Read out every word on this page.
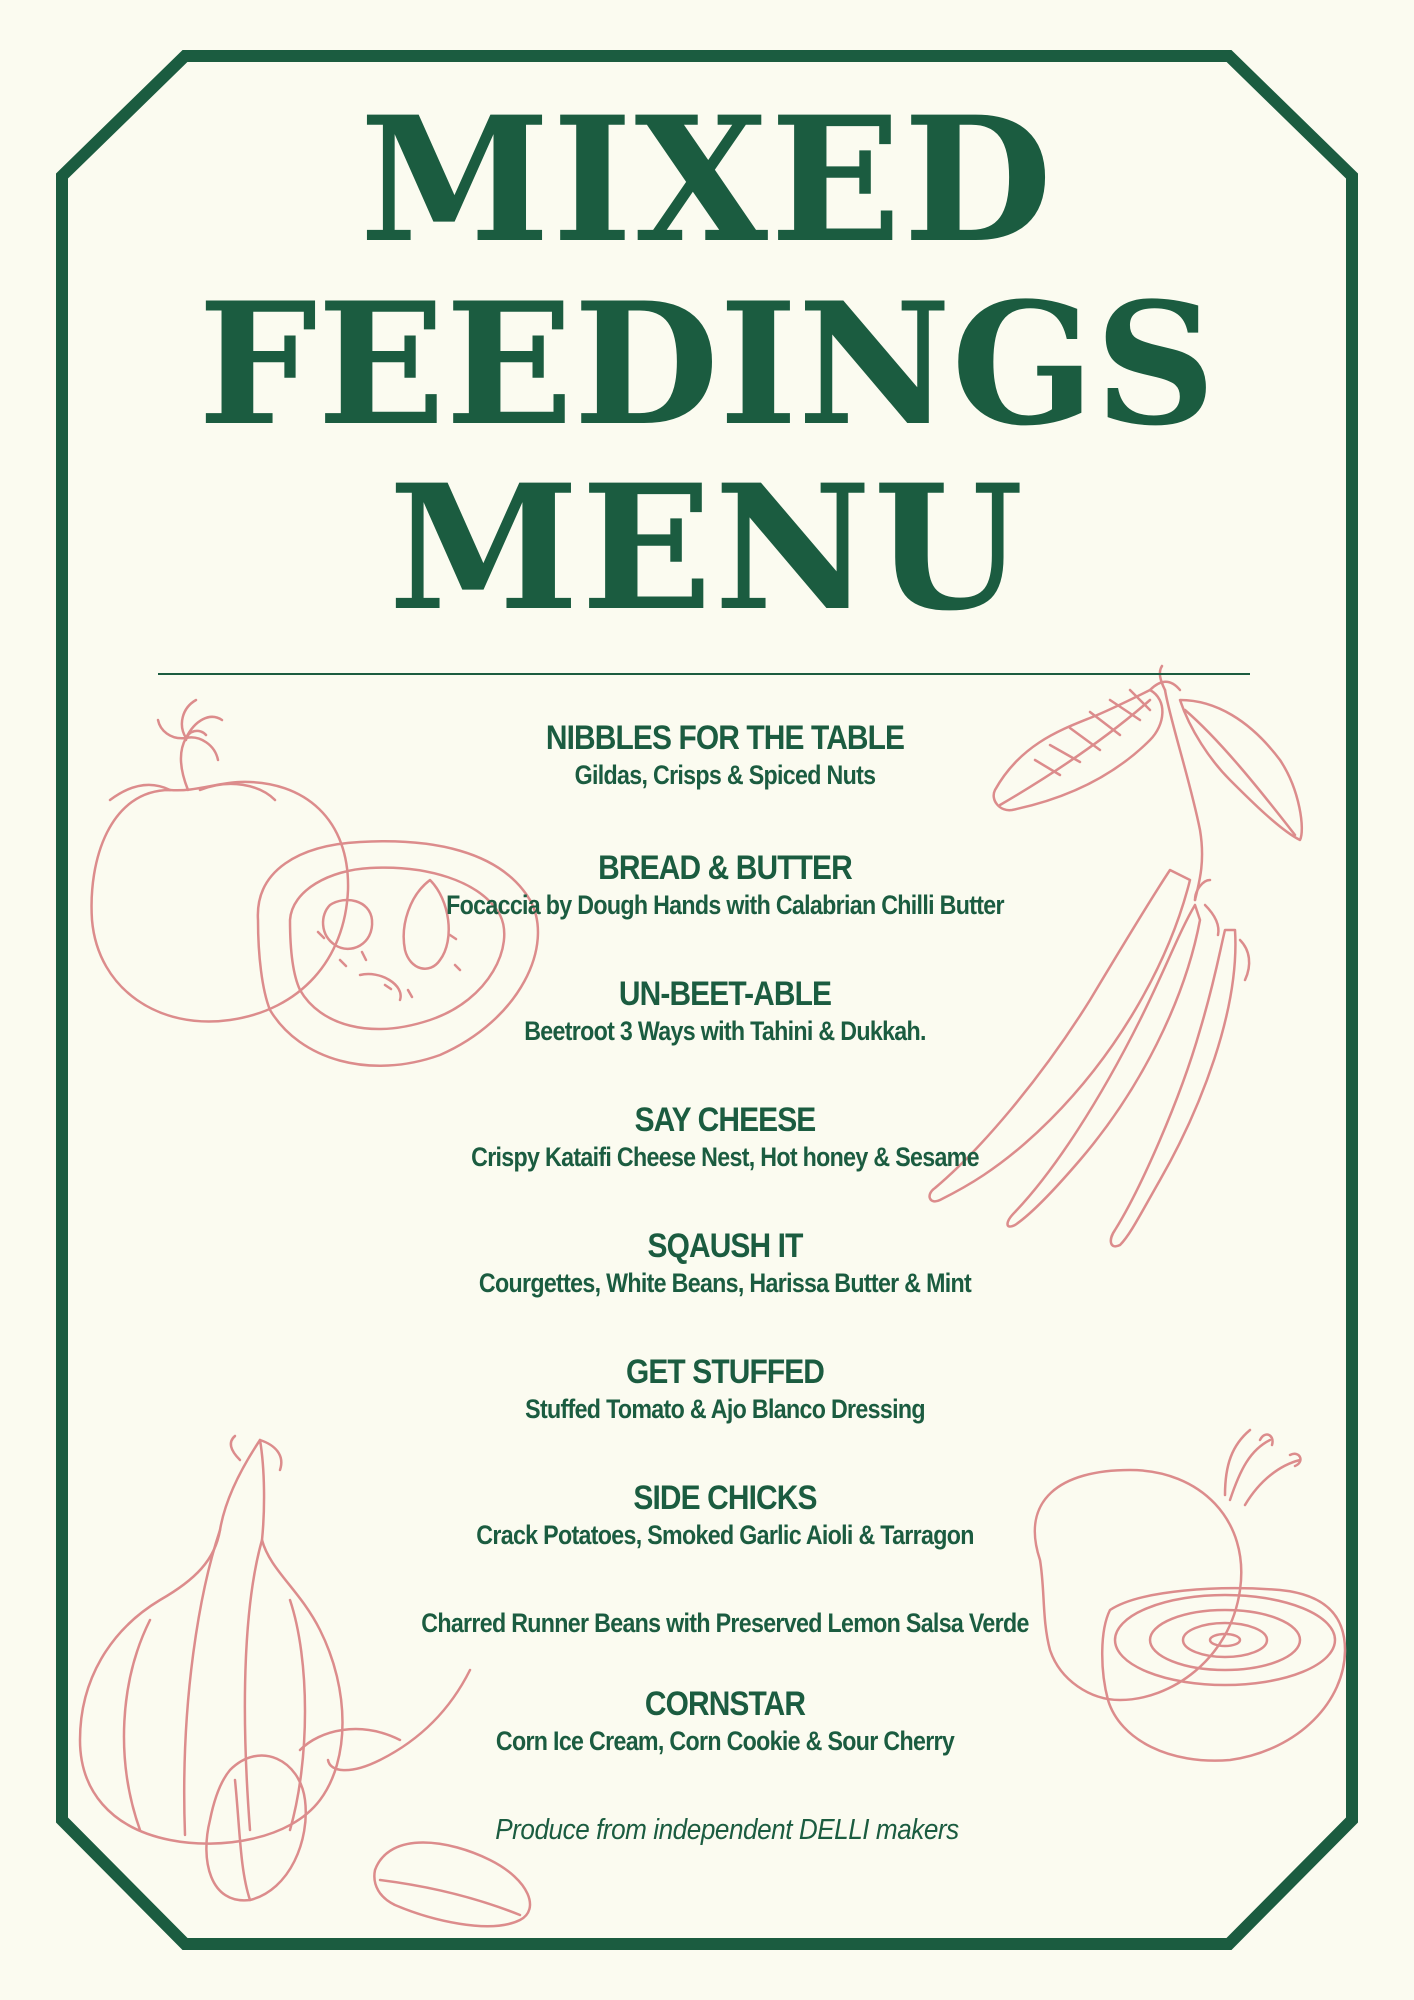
MIXED
FEEDINGS
MENU
NIBBLES FOR THE TABLE
Gildas, Crisps & Spiced Nuts
BREAD & BUTTER
Focaccia by Dough Hands with Calabrian Chilli Butter
UN-BEET-ABLE
Beetroot 3 Ways with Tahini & Dukkah.
SAY CHEESE
Crispy Kataifi Cheese Nest, Hot honey & Sesame
SQAUSH IT
Courgettes, White Beans, Harissa Butter & Mint
GET STUFFED
Stuffed Tomato & Ajo Blanco Dressing
SIDE CHICKS
Crack Potatoes, Smoked Garlic Aioli & Tarragon
Charred Runner Beans with Preserved Lemon Salsa Verde
CORNSTAR
Corn Ice Cream, Corn Cookie & Sour Cherry
Produce from independent DELLI makers
